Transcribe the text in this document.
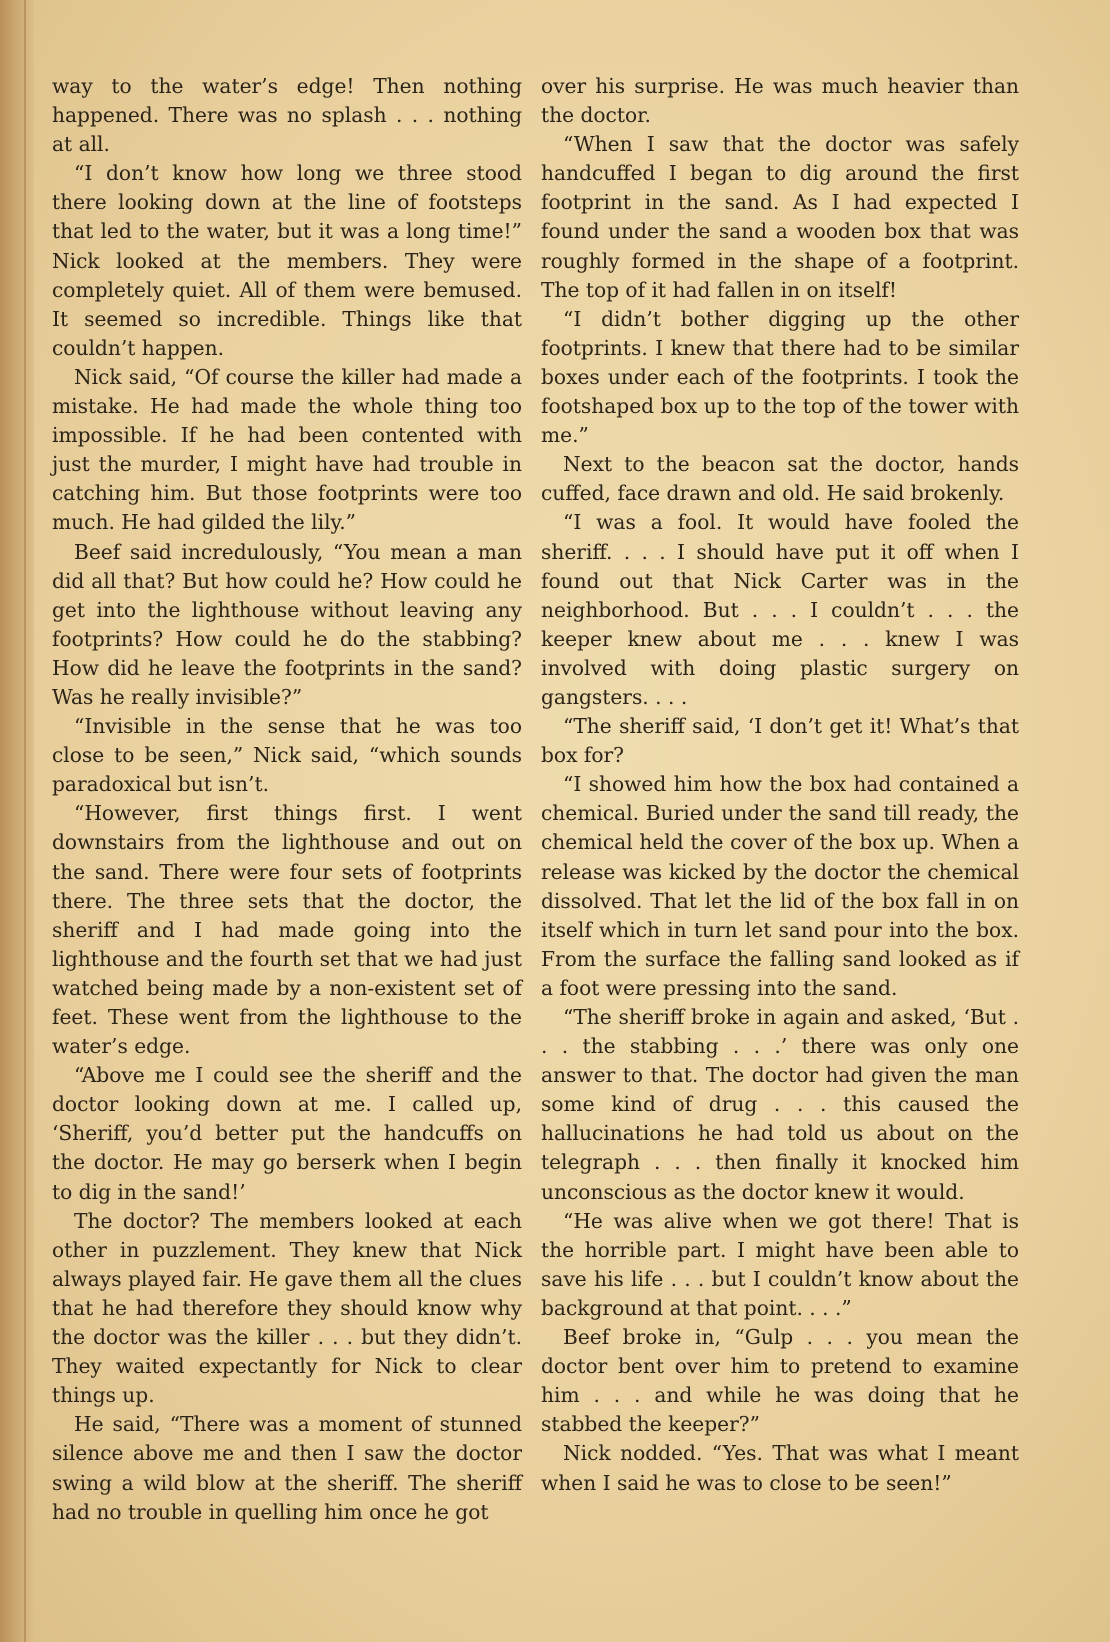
way to the water’s edge! Then nothing happened. There was no splash . . . nothing at all.

“I don’t know how long we three stood there looking down at the line of footsteps that led to the water, but it was a long time!” Nick looked at the members. They were completely quiet. All of them were bemused. It seemed so incredible. Things like that couldn’t happen.

Nick said, “Of course the killer had made a mistake. He had made the whole thing too impossible. If he had been contented with just the murder, I might have had trouble in catching him. But those footprints were too much. He had gilded the lily.”

Beef said incredulously, “You mean a man did all that? But how could he? How could he get into the lighthouse without leaving any footprints? How could he do the stabbing? How did he leave the footprints in the sand? Was he really invisible?”

“Invisible in the sense that he was too close to be seen,” Nick said, “which sounds paradoxical but isn’t.

“However, first things first. I went downstairs from the lighthouse and out on the sand. There were four sets of footprints there. The three sets that the doctor, the sheriff and I had made going into the lighthouse and the fourth set that we had just watched being made by a non-existent set of feet. These went from the lighthouse to the water’s edge.

“Above me I could see the sheriff and the doctor looking down at me. I called up, ‘Sheriff, you’d better put the handcuffs on the doctor. He may go berserk when I begin to dig in the sand!’

The doctor? The members looked at each other in puzzlement. They knew that Nick always played fair. He gave them all the clues that he had therefore they should know why the doctor was the killer . . . but they didn’t. They waited expectantly for Nick to clear things up.

He said, “There was a moment of stunned silence above me and then I saw the doctor swing a wild blow at the sheriff. The sheriff had no trouble in quelling him once he got

over his surprise. He was much heavier than the doctor.

“When I saw that the doctor was safely handcuffed I began to dig around the first footprint in the sand. As I had expected I found under the sand a wooden box that was roughly formed in the shape of a footprint. The top of it had fallen in on itself!

“I didn’t bother digging up the other footprints. I knew that there had to be similar boxes under each of the footprints. I took the footshaped box up to the top of the tower with me.”

Next to the beacon sat the doctor, hands cuffed, face drawn and old. He said brokenly.

“I was a fool. It would have fooled the sheriff. . . . I should have put it off when I found out that Nick Carter was in the neighborhood. But . . . I couldn’t . . . the keeper knew about me . . . knew I was involved with doing plastic surgery on gangsters. . . .

“The sheriff said, ‘I don’t get it! What’s that box for?

“I showed him how the box had contained a chemical. Buried under the sand till ready, the chemical held the cover of the box up. When a release was kicked by the doctor the chemical dissolved. That let the lid of the box fall in on itself which in turn let sand pour into the box. From the surface the falling sand looked as if a foot were pressing into the sand.

“The sheriff broke in again and asked, ‘But . . . the stabbing . . .’ there was only one answer to that. The doctor had given the man some kind of drug . . . this caused the hallucinations he had told us about on the telegraph . . . then finally it knocked him unconscious as the doctor knew it would.

“He was alive when we got there! That is the horrible part. I might have been able to save his life . . . but I couldn’t know about the background at that point. . . .”

Beef broke in, “Gulp . . . you mean the doctor bent over him to pretend to examine him . . . and while he was doing that he stabbed the keeper?”

Nick nodded. “Yes. That was what I meant when I said he was to close to be seen!”
